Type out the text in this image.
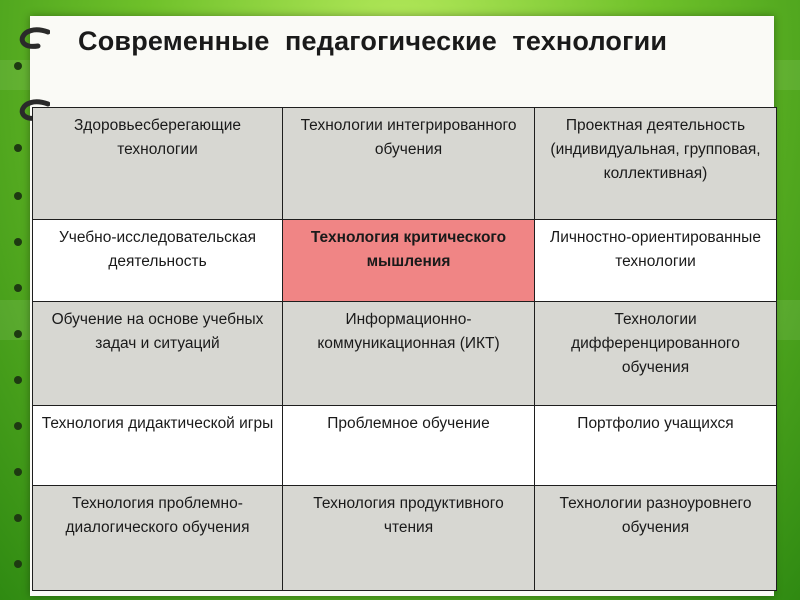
Современные  педагогические  технологии
Здоровьесберегающие технологии	Технологии интегрированного обучения	Проектная деятельность (индивидуальная, групповая, коллективная)
Учебно-исследовательская деятельность	Технология критического мышления	Личностно-ориентированные технологии
Обучение на основе учебных задач и ситуаций	Информационно-коммуникационная (ИКТ)	Технологии дифференцированного обучения
Технология дидактической игры	Проблемное обучение	Портфолио учащихся
Технология проблемно-диалогического обучения	Технология продуктивного чтения	Технологии разноуровнего обучения
